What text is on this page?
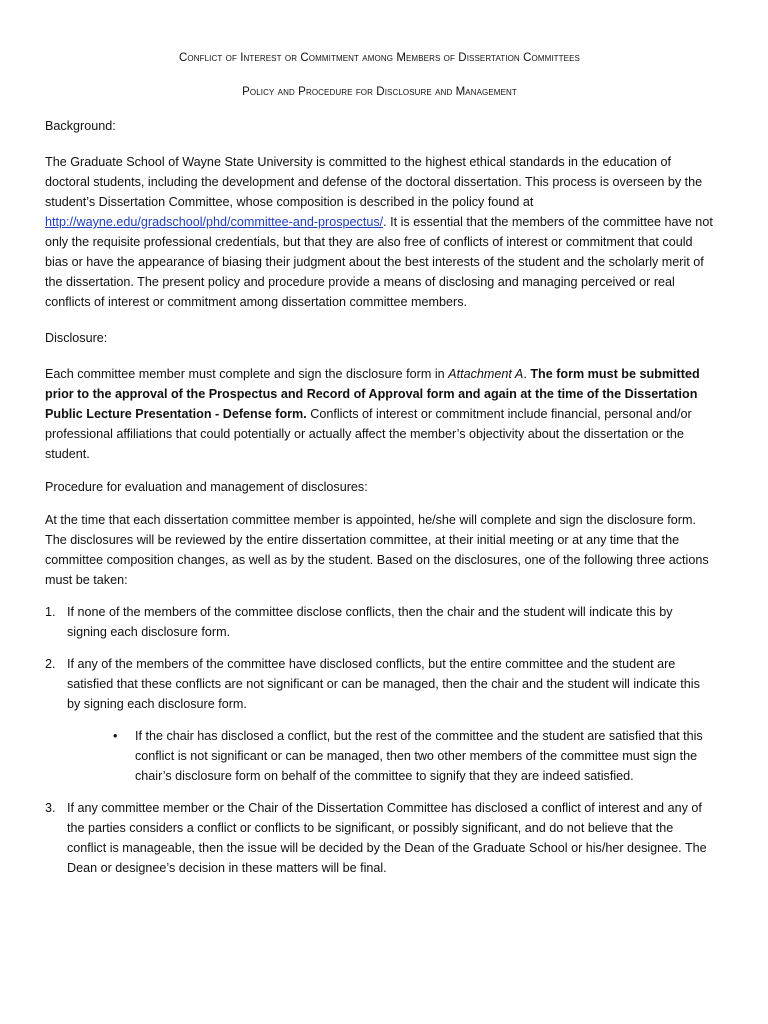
Conflict of Interest or Commitment among Members of Dissertation Committees

Policy and Procedure for Disclosure and Management

Background:

The Graduate School of Wayne State University is committed to the highest ethical standards in the education of doctoral students, including the development and defense of the doctoral dissertation. This process is overseen by the student’s Dissertation Committee, whose composition is described in the policy found at http://wayne.edu/gradschool/phd/committee-and-prospectus/. It is essential that the members of the committee have not only the requisite professional credentials, but that they are also free of conflicts of interest or commitment that could bias or have the appearance of biasing their judgment about the best interests of the student and the scholarly merit of the dissertation. The present policy and procedure provide a means of disclosing and managing perceived or real conflicts of interest or commitment among dissertation committee members.

Disclosure:

Each committee member must complete and sign the disclosure form in Attachment A. The form must be submitted prior to the approval of the Prospectus and Record of Approval form and again at the time of the Dissertation Public Lecture Presentation - Defense form. Conflicts of interest or commitment include financial, personal and/or professional affiliations that could potentially or actually affect the member’s objectivity about the dissertation or the student.

Procedure for evaluation and management of disclosures:

At the time that each dissertation committee member is appointed, he/she will complete and sign the disclosure form. The disclosures will be reviewed by the entire dissertation committee, at their initial meeting or at any time that the committee composition changes, as well as by the student. Based on the disclosures, one of the following three actions must be taken:

1. If none of the members of the committee disclose conflicts, then the chair and the student will indicate this by signing each disclosure form.
2. If any of the members of the committee have disclosed conflicts, but the entire committee and the student are satisfied that these conflicts are not significant or can be managed, then the chair and the student will indicate this by signing each disclosure form.
• If the chair has disclosed a conflict, but the rest of the committee and the student are satisfied that this conflict is not significant or can be managed, then two other members of the committee must sign the chair’s disclosure form on behalf of the committee to signify that they are indeed satisfied.
3. If any committee member or the Chair of the Dissertation Committee has disclosed a conflict of interest and any of the parties considers a conflict or conflicts to be significant, or possibly significant, and do not believe that the conflict is manageable, then the issue will be decided by the Dean of the Graduate School or his/her designee. The Dean or designee’s decision in these matters will be final.
